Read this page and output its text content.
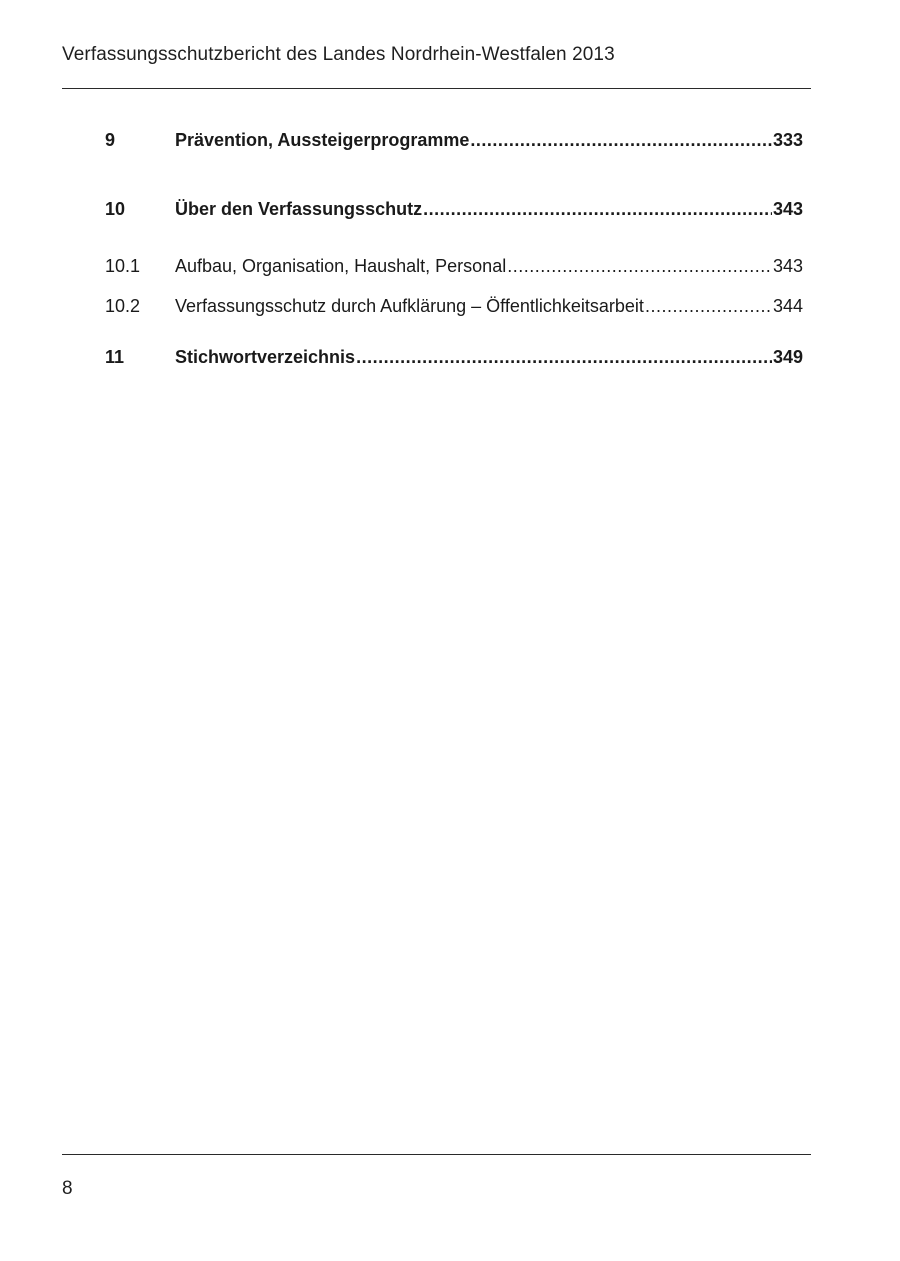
Verfassungsschutzbericht des Landes Nordrhein-Westfalen 2013
9	Prävention, Aussteigerprogramme .....	333
10	Über den Verfassungsschutz .....	343
10.1	Aufbau, Organisation, Haushalt, Personal .....	343
10.2	Verfassungsschutz durch Aufklärung – Öffentlichkeitsarbeit .....	344
11	Stichwortverzeichnis .....	349
8
